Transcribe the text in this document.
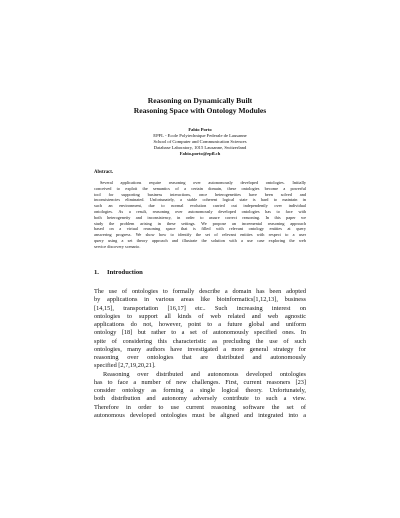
Reasoning on Dynamically Built
Reasoning Space with Ontology Modules
Fabio Porto
EPFL - Ecole Polytechnique Federale de Lausanne
School of Computer and Communication Sciences
Database Laboratory, 1015 Lausanne, Switzerland
Fabio.porto@epfl.ch
Abstract.
Several applications require reasoning over autonomously developed ontologies. Initially
conceived to exploit the semantics of a certain domain, these ontologies become a powerful
tool for supporting business interactions, once heterogeneities have been solved and
inconsistencies eliminated. Unfortunately, a stable coherent logical state is hard to maintain in
such an environment, due to normal evolution carried out independently over individual
ontologies. As a result, reasoning over autonomously developed ontologies has to face with
both heterogeneity and inconsistency, in order to assure correct reasoning. In this paper we
study the problem arising in these settings. We propose an incremental reasoning approach
based on a virtual reasoning space that is filled with relevant ontology entities at query
answering progress. We show how to identify the set of relevant entities with respect to a user
query using a set theory approach and illustrate the solution with a use case exploring the web
service discovery scenario.
1. Introduction
The use of ontologies to formally describe a domain has been adopted
by applications in various areas like bioinformatics[1,12,13], business
[14,15], transportation [16,17] etc.. Such increasing interest on
ontologies to support all kinds of web related and web agnostic
applications do not, however, point to a future global and uniform
ontology [18] but rather to a set of autonomously specified ones. In
spite of considering this characteristic as precluding the use of such
ontologies, many authors have investigated a more general strategy for
reasoning over ontologies that are distributed and autonomously
specified [2,7,19,20,21].
Reasoning over distributed and autonomous developed ontologies
has to face a number of new challenges. First, current reasoners [23]
consider ontology as forming a single logical theory. Unfortunately,
both distribution and autonomy adversely contribute to such a view.
Therefore in order to use current reasoning software the set of
autonomous developed ontologies must be aligned and integrated into a
